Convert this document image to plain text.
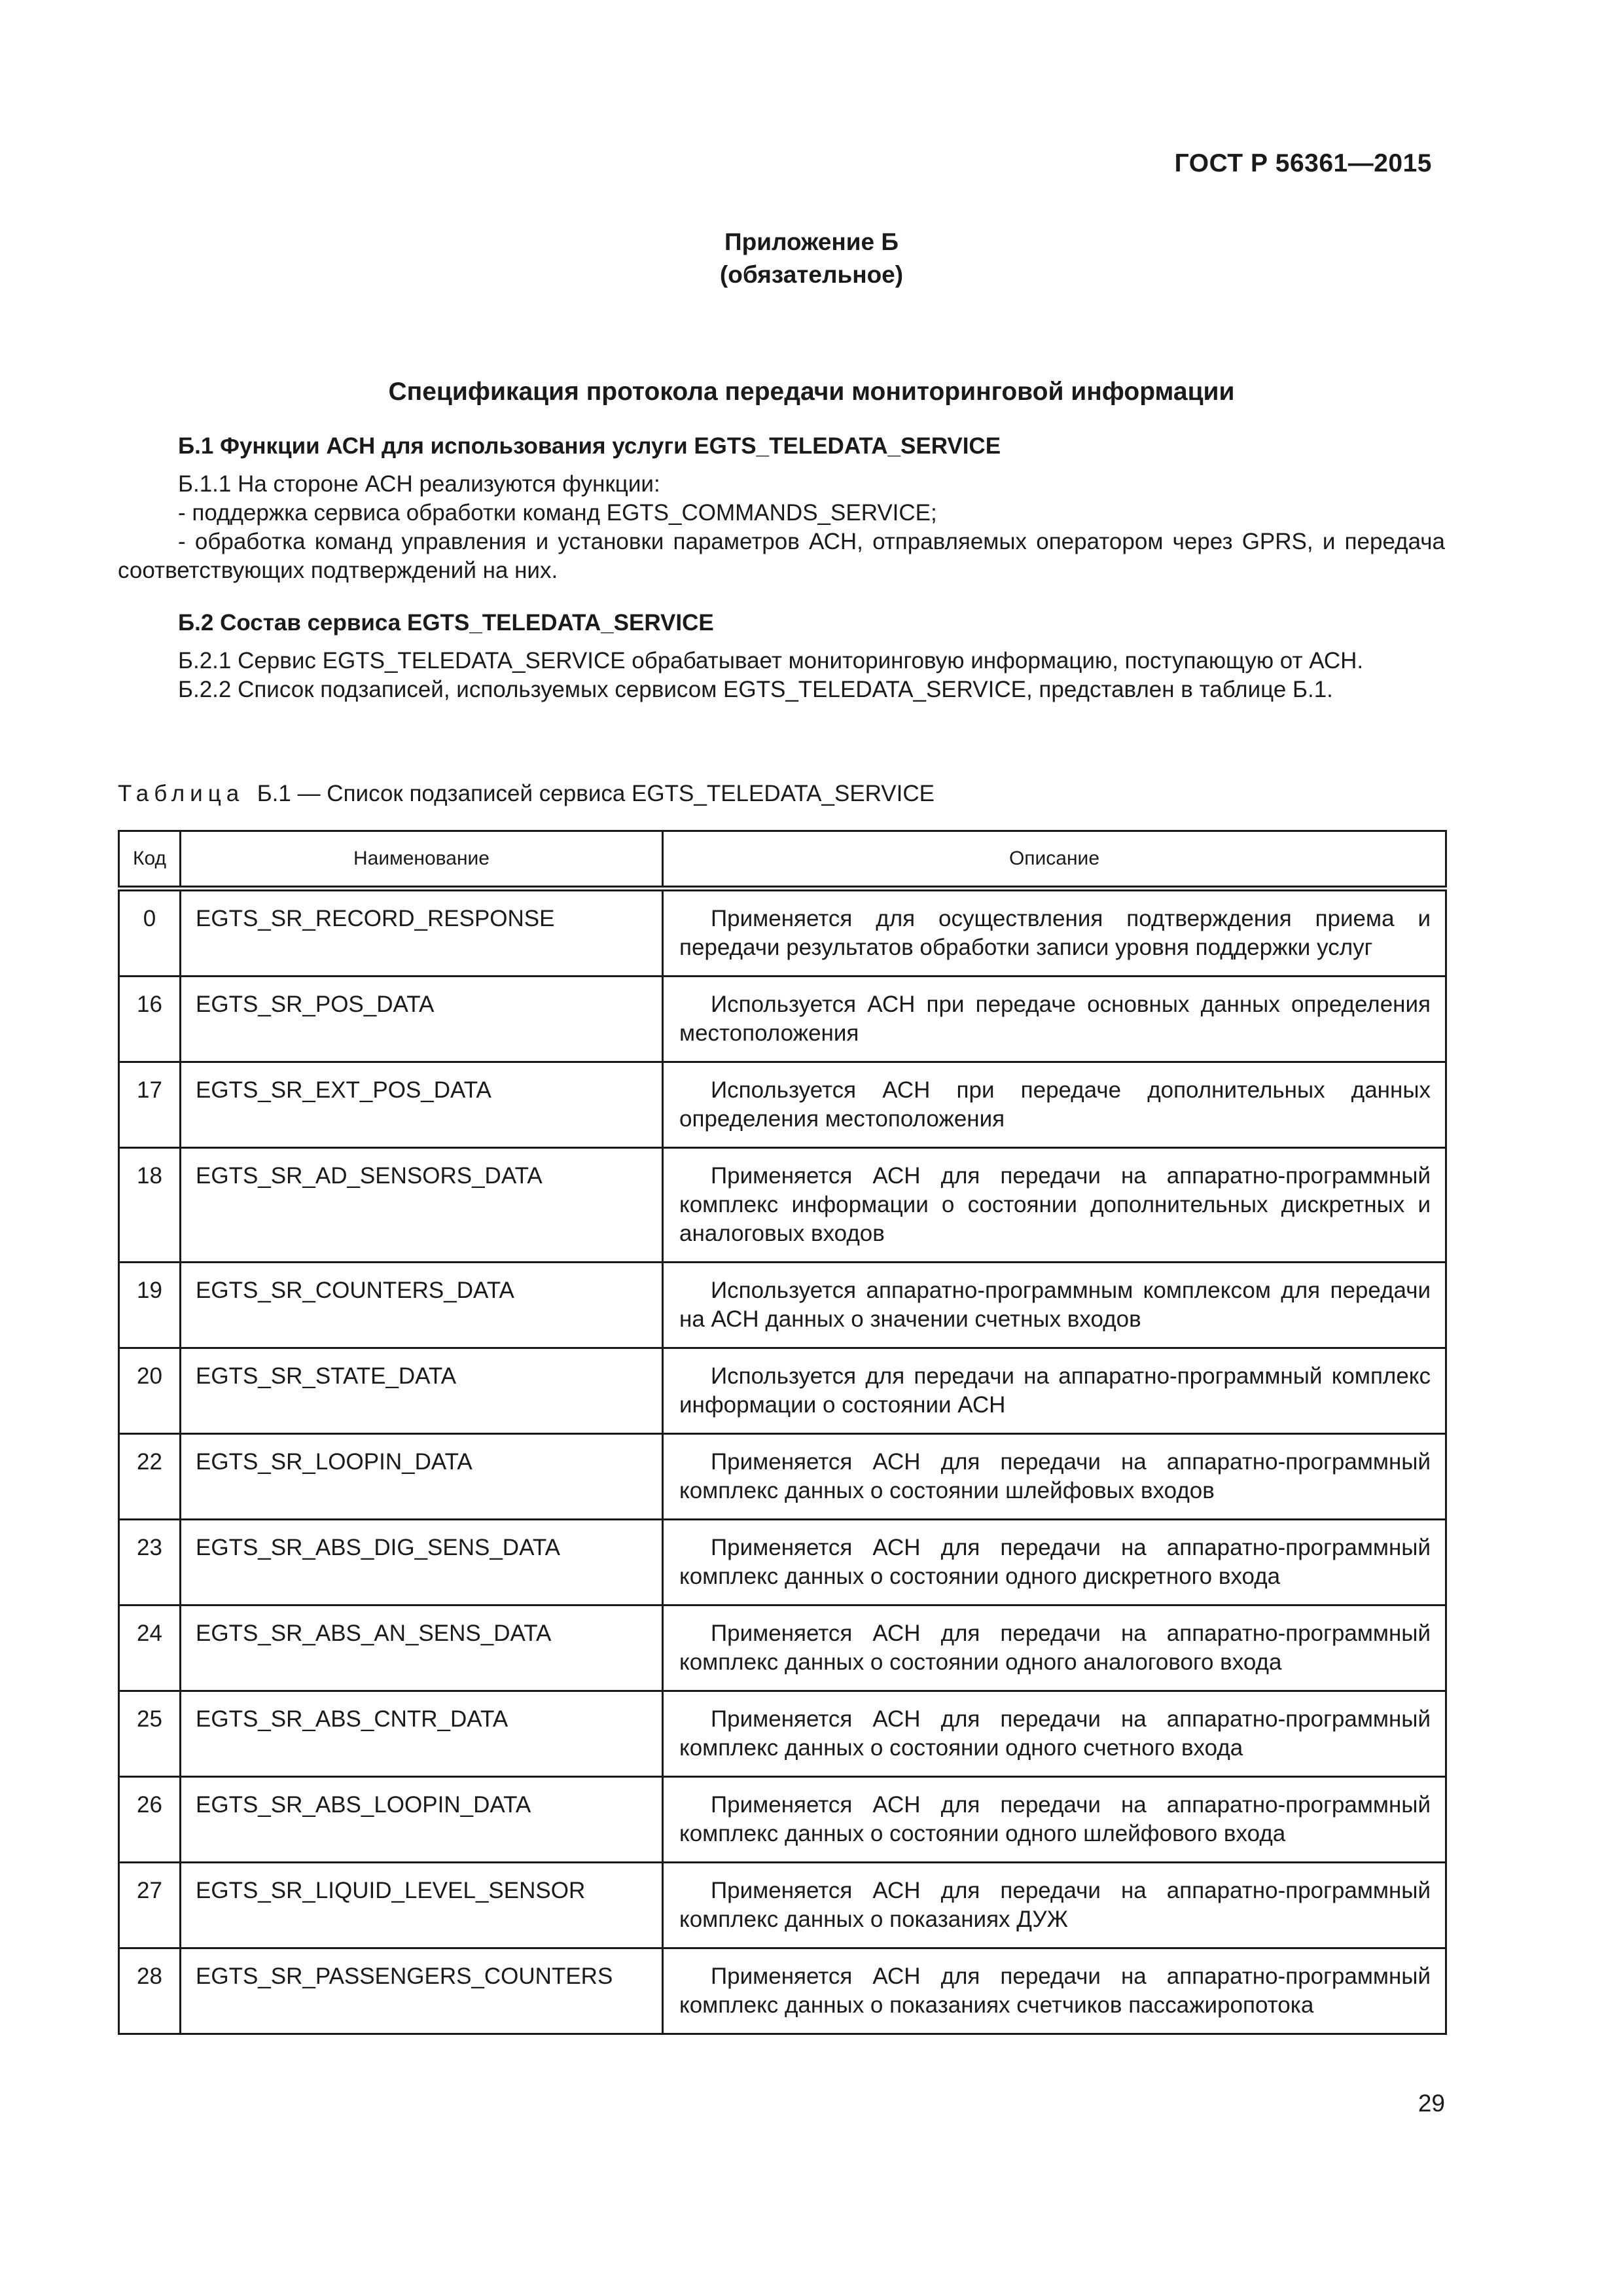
ГОСТ Р 56361—2015
Приложение Б
(обязательное)
Спецификация протокола передачи мониторинговой информации

Б.1 Функции АСН для использования услуги EGTS_TELEDATA_SERVICE

Б.1.1 На стороне АСН реализуются функции:

- поддержка сервиса обработки команд EGTS_COMMANDS_SERVICE;

- обработка команд управления и установки параметров АСН, отправляемых оператором через GPRS, и передача соответствующих подтверждений на них.

Б.2 Состав сервиса EGTS_TELEDATA_SERVICE

Б.2.1 Сервис EGTS_TELEDATA_SERVICE обрабатывает мониторинговую информацию, поступающую от АСН.

Б.2.2 Список подзаписей, используемых сервисом EGTS_TELEDATA_SERVICE, представлен в таблице Б.1.

Таблица Б.1 — Список подзаписей сервиса EGTS_TELEDATA_SERVICE
Код	Наименование	Описание
0	EGTS_SR_RECORD_RESPONSE	Применяется для осуществления подтверждения приема и передачи результатов обработки записи уровня поддержки услуг

16	EGTS_SR_POS_DATA	Используется АСН при передаче основных данных определения местоположения

17	EGTS_SR_EXT_POS_DATA	Используется АСН при передаче дополнительных данных определения местоположения

18	EGTS_SR_AD_SENSORS_DATA	Применяется АСН для передачи на аппаратно-программный комплекс информации о состоянии дополнительных дискретных и аналоговых входов

19	EGTS_SR_COUNTERS_DATA	Используется аппаратно-программным комплексом для передачи на АСН данных о значении счетных входов

20	EGTS_SR_STATE_DATA	Используется для передачи на аппаратно-программный комплекс информации о состоянии АСН

22	EGTS_SR_LOOPIN_DATA	Применяется АСН для передачи на аппаратно-программный комплекс данных о состоянии шлейфовых входов

23	EGTS_SR_ABS_DIG_SENS_DATA	Применяется АСН для передачи на аппаратно-программный комплекс данных о состоянии одного дискретного входа

24	EGTS_SR_ABS_AN_SENS_DATA	Применяется АСН для передачи на аппаратно-программный комплекс данных о состоянии одного аналогового входа

25	EGTS_SR_ABS_CNTR_DATA	Применяется АСН для передачи на аппаратно-программный комплекс данных о состоянии одного счетного входа

26	EGTS_SR_ABS_LOOPIN_DATA	Применяется АСН для передачи на аппаратно-программный комплекс данных о состоянии одного шлейфового входа

27	EGTS_SR_LIQUID_LEVEL_SENSOR	Применяется АСН для передачи на аппаратно-программный комплекс данных о показаниях ДУЖ

28	EGTS_SR_PASSENGERS_COUNTERS	Применяется АСН для передачи на аппаратно-программный комплекс данных о показаниях счетчиков пассажиропотока
29
